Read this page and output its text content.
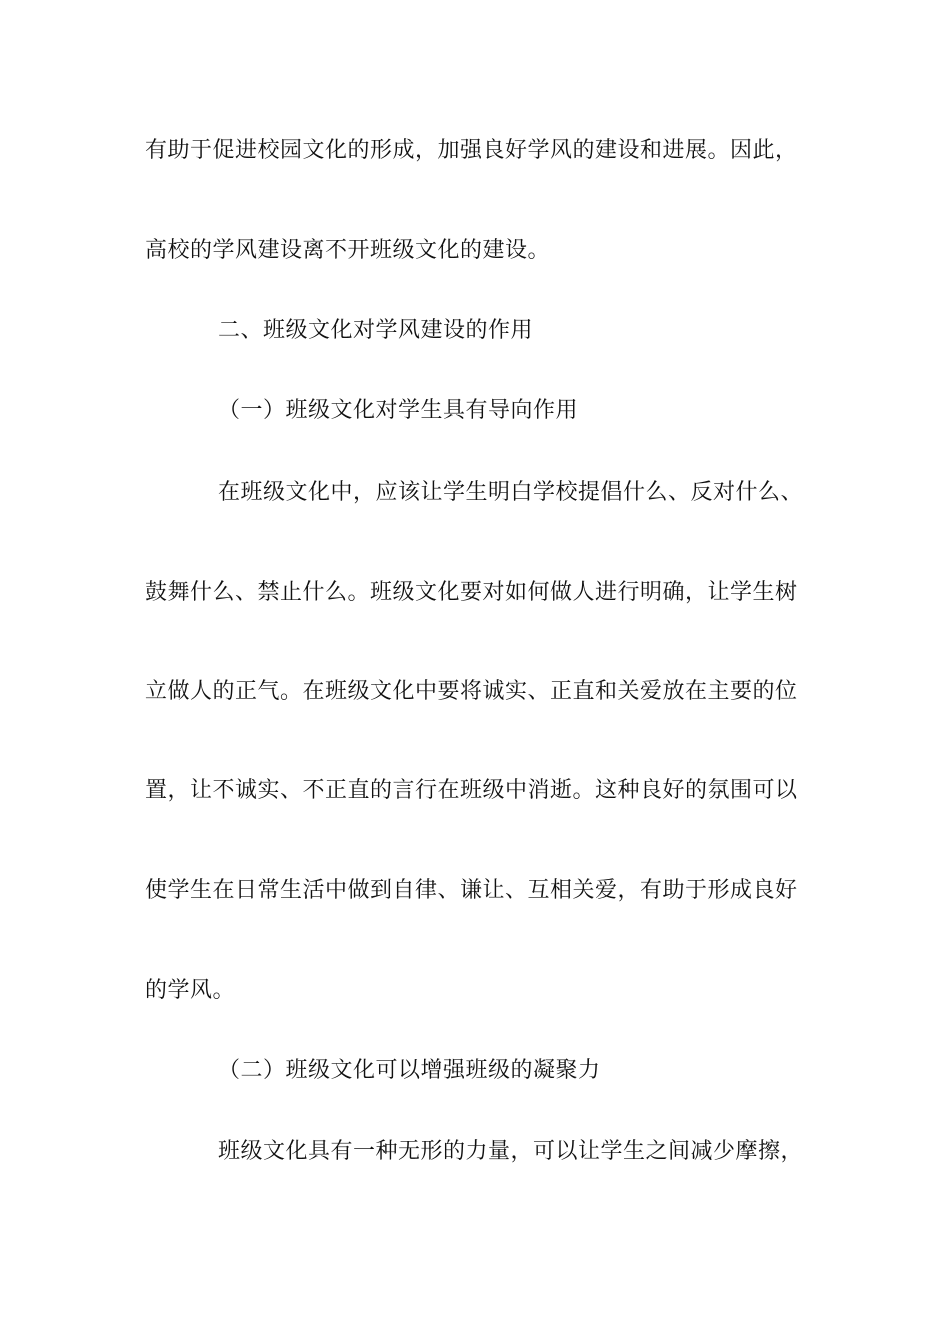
有助于促进校园文化的形成，加强良好学风的建设和进展。因此，
高校的学风建设离不开班级文化的建设。
二、班级文化对学风建设的作用
（一）班级文化对学生具有导向作用
在班级文化中，应该让学生明白学校提倡什么、反对什么、
鼓舞什么、禁止什么。班级文化要对如何做人进行明确，让学生树
立做人的正气。在班级文化中要将诚实、正直和关爱放在主要的位
置，让不诚实、不正直的言行在班级中消逝。这种良好的氛围可以
使学生在日常生活中做到自律、谦让、互相关爱，有助于形成良好
的学风。
（二）班级文化可以增强班级的凝聚力
班级文化具有一种无形的力量，可以让学生之间减少摩擦，
